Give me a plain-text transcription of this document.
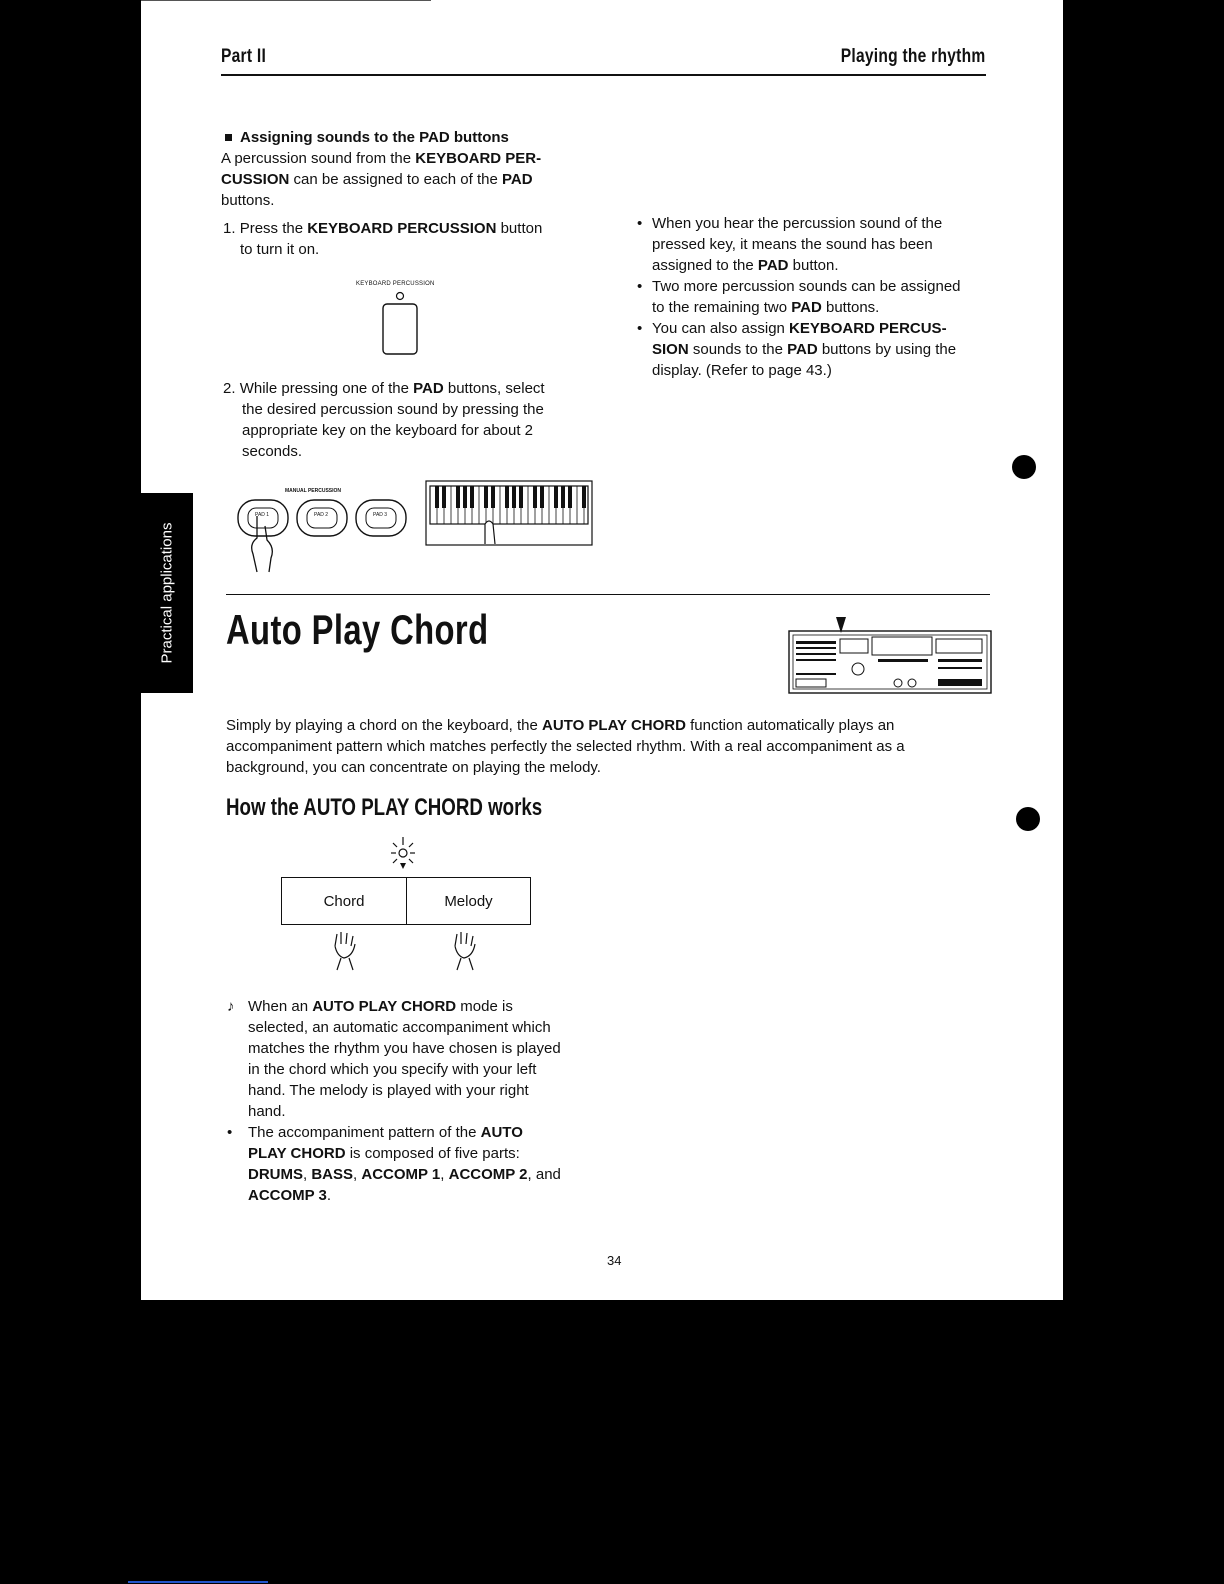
Part II	Playing the rhythm
Assigning sounds to the PAD buttons
A percussion sound from the KEYBOARD PER-
CUSSION can be assigned to each of the PAD
buttons.
1. Press the KEYBOARD PERCUSSION button
to turn it on.
KEYBOARD PERCUSSION
2. While pressing one of the PAD buttons, select
the desired percussion sound by pressing the
appropriate key on the keyboard for about 2
seconds.
MANUAL PERCUSSION
PAD 1	PAD 2	PAD 3
• When you hear the percussion sound of the
pressed key, it means the sound has been
assigned to the PAD button.
• Two more percussion sounds can be assigned
to the remaining two PAD buttons.
• You can also assign KEYBOARD PERCUS-
SION sounds to the PAD buttons by using the
display. (Refer to page 43.)
Auto Play Chord
Simply by playing a chord on the keyboard, the AUTO PLAY CHORD function automatically plays an
accompaniment pattern which matches perfectly the selected rhythm. With a real accompaniment as a
background, you can concentrate on playing the melody.
How the AUTO PLAY CHORD works
Chord	Melody
♪ When an AUTO PLAY CHORD mode is
selected, an automatic accompaniment which
matches the rhythm you have chosen is played
in the chord which you specify with your left
hand. The melody is played with your right
hand.
• The accompaniment pattern of the AUTO
PLAY CHORD is composed of five parts:
DRUMS, BASS, ACCOMP 1, ACCOMP 2, and
ACCOMP 3.
34
Practical applications
